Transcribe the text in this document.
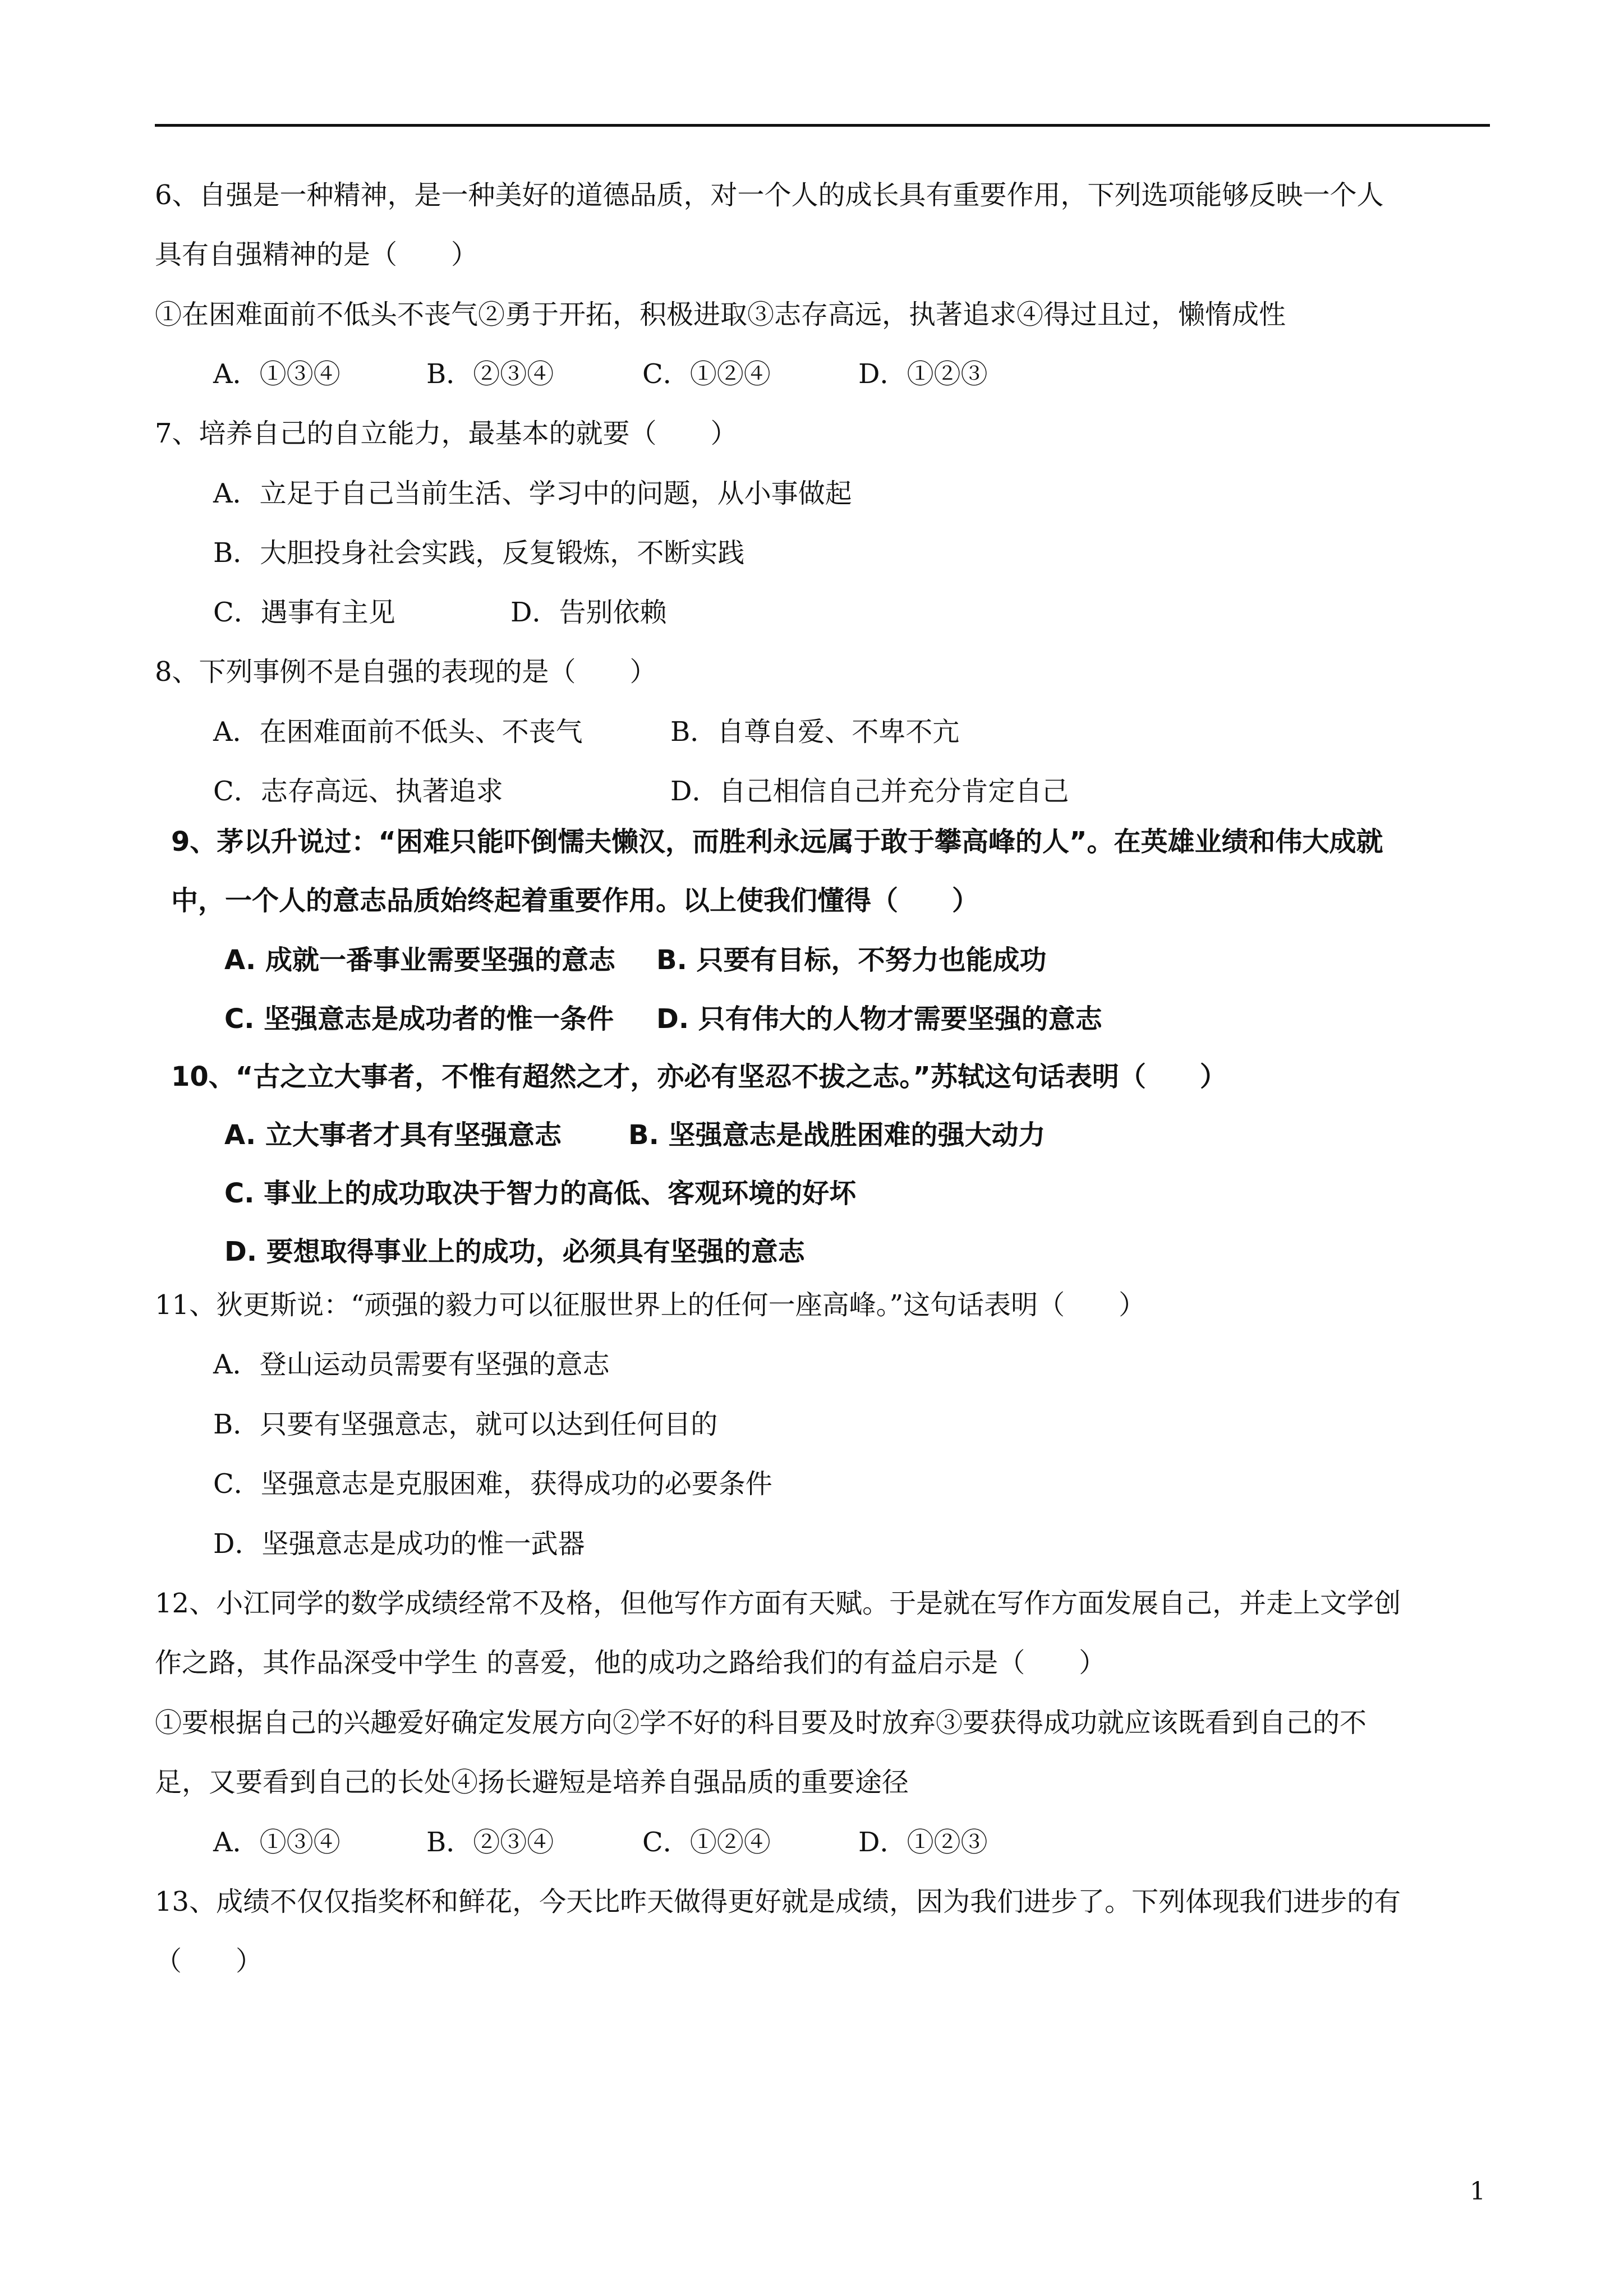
6、自强是一种精神，是一种美好的道德品质，对一个人的成长具有重要作用，下列选项能够反映一个人
具有自强精神的是（　　）
①在困难面前不低头不丧气②勇于开拓，积极进取③志存高远，执著追求④得过且过，懒惰成性
A．①③④	B．②③④	C．①②④	D．①②③
7、培养自己的自立能力，最基本的就要（　　）
A．立足于自己当前生活、学习中的问题，从小事做起
B．大胆投身社会实践，反复锻炼，不断实践
C．遇事有主见	D．告别依赖
8、下列事例不是自强的表现的是（　　）
A．在困难面前不低头、不丧气	B．自尊自爱、不卑不亢
C．志存高远、执著追求	D．自己相信自己并充分肯定自己
9、茅以升说过：“困难只能吓倒懦夫懒汉，而胜利永远属于敢于攀高峰的人”。在英雄业绩和伟大成就
中，一个人的意志品质始终起着重要作用。以上使我们懂得（　　）
A. 成就一番事业需要坚强的意志 B. 只要有目标，不努力也能成功
C. 坚强意志是成功者的惟一条件 D. 只有伟大的人物才需要坚强的意志
10、“古之立大事者，不惟有超然之才，亦必有坚忍不拔之志。”苏轼这句话表明（　　）
A. 立大事者才具有坚强意志 B. 坚强意志是战胜困难的强大动力
C. 事业上的成功取决于智力的高低、客观环境的好坏
D. 要想取得事业上的成功，必须具有坚强的意志
11、狄更斯说：“顽强的毅力可以征服世界上的任何一座高峰。”这句话表明（　　）
A．登山运动员需要有坚强的意志
B．只要有坚强意志，就可以达到任何目的
C．坚强意志是克服困难，获得成功的必要条件
D．坚强意志是成功的惟一武器
12、小江同学的数学成绩经常不及格，但他写作方面有天赋。于是就在写作方面发展自己，并走上文学创
作之路，其作品深受中学生 的喜爱，他的成功之路给我们的有益启示是（　　）
①要根据自己的兴趣爱好确定发展方向②学不好的科目要及时放弃③要获得成功就应该既看到自己的不
足，又要看到自己的长处④扬长避短是培养自强品质的重要途径
A．①③④	B．②③④	C．①②④	D．①②③
13、成绩不仅仅指奖杯和鲜花，今天比昨天做得更好就是成绩，因为我们进步了。下列体现我们进步的有
（　　）
1
